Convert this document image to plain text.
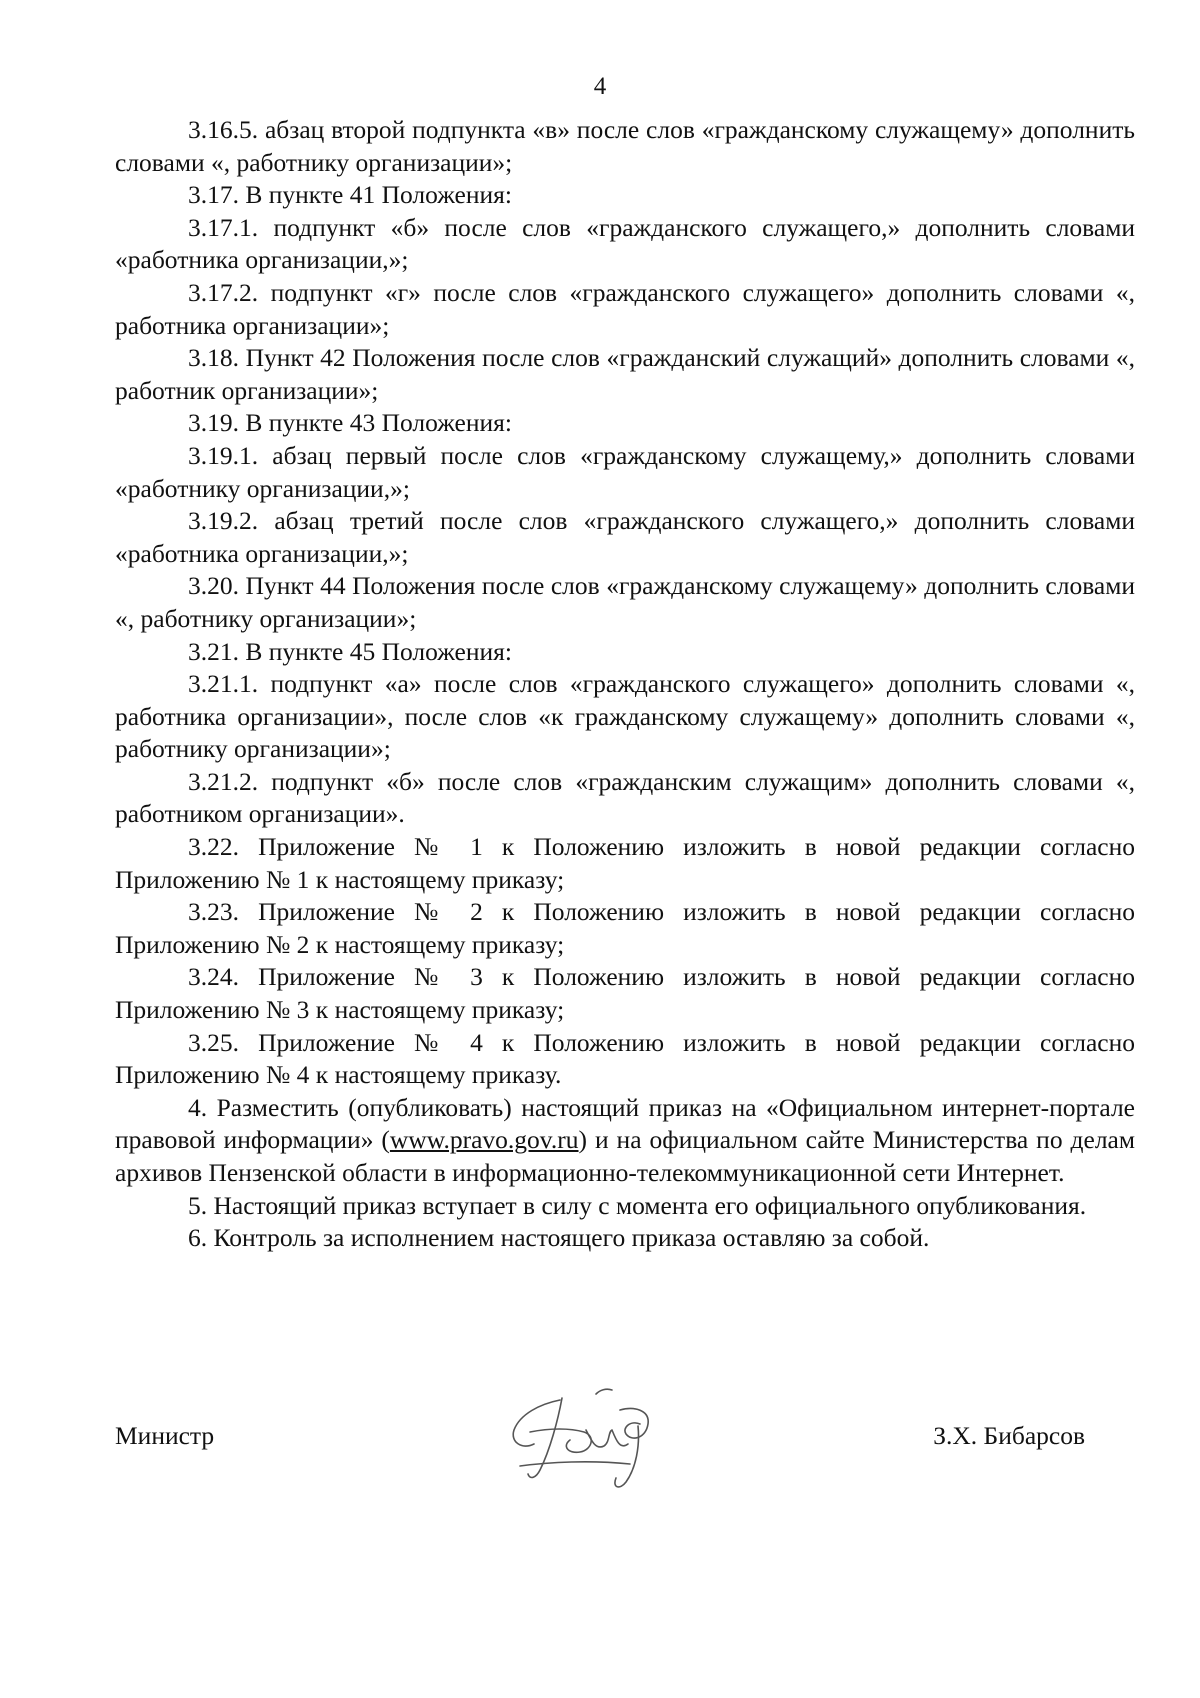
4

3.16.5. абзац второй подпункта «в» после слов «гражданскому служащему» дополнить словами «, работнику организации»;

3.17. В пункте 41 Положения:

3.17.1. подпункт «б» после слов «гражданского служащего,» дополнить словами «работника организации,»;

3.17.2. подпункт «г» после слов «гражданского служащего» дополнить словами «, работника организации»;

3.18. Пункт 42 Положения после слов «гражданский служащий» дополнить словами «, работник организации»;

3.19. В пункте 43 Положения:

3.19.1. абзац первый после слов «гражданскому служащему,» дополнить словами «работнику организации,»;

3.19.2. абзац третий после слов «гражданского служащего,» дополнить словами «работника организации,»;

3.20. Пункт 44 Положения после слов «гражданскому служащему» дополнить словами «, работнику организации»;

3.21. В пункте 45 Положения:

3.21.1. подпункт «а» после слов «гражданского служащего» дополнить словами «, работника организации», после слов «к гражданскому служащему» дополнить словами «, работнику организации»;

3.21.2. подпункт «б» после слов «гражданским служащим» дополнить словами «, работником организации».

3.22. Приложение № 1 к Положению изложить в новой редакции согласно Приложению № 1 к настоящему приказу;

3.23. Приложение № 2 к Положению изложить в новой редакции согласно Приложению № 2 к настоящему приказу;

3.24. Приложение № 3 к Положению изложить в новой редакции согласно Приложению № 3 к настоящему приказу;

3.25. Приложение № 4 к Положению изложить в новой редакции согласно Приложению № 4 к настоящему приказу.

4. Разместить (опубликовать) настоящий приказ на «Официальном интернет-портале правовой информации» (www.pravo.gov.ru) и на официальном сайте Министерства по делам архивов Пензенской области в информационно-телекоммуникационной сети Интернет.

5. Настоящий приказ вступает в силу с момента его официального опубликования.

6. Контроль за исполнением настоящего приказа оставляю за собой.

Министр	З.Х. Бибарсов
